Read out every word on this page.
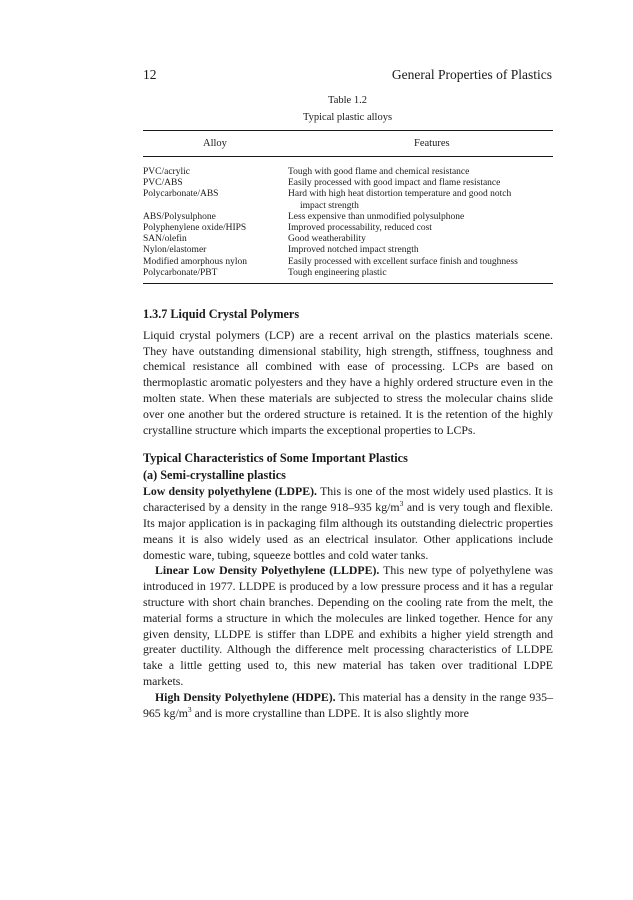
12	General Properties of Plastics
Table 1.2
Typical plastic alloys
Alloy	Features
PVC/acrylic	Tough with good flame and chemical resistance
PVC/ABS	Easily processed with good impact and flame resistance
Polycarbonate/ABS	Hard with high heat distortion temperature and good notch
impact strength
ABS/Polysulphone	Less expensive than unmodified polysulphone
Polyphenylene oxide/HIPS	Improved processability, reduced cost
SAN/olefin	Good weatherability
Nylon/elastomer	Improved notched impact strength
Modified amorphous nylon	Easily processed with excellent surface finish and toughness
Polycarbonate/PBT	Tough engineering plastic
1.3.7 Liquid Crystal Polymers

Liquid crystal polymers (LCP) are a recent arrival on the plastics materials scene. They have outstanding dimensional stability, high strength, stiffness, toughness and chemical resistance all combined with ease of processing. LCPs are based on thermoplastic aromatic polyesters and they have a highly ordered structure even in the molten state. When these materials are subjected to stress the molecular chains slide over one another but the ordered structure is retained. It is the retention of the highly crystalline structure which imparts the exceptional properties to LCPs.

Typical Characteristics of Some Important Plastics
(a) Semi-crystalline plastics

Low density polyethylene (LDPE). This is one of the most widely used plastics. It is characterised by a density in the range 918–935 $kg/m^3$ and is very tough and flexible. Its major application is in packaging film although its outstanding dielectric properties means it is also widely used as an electrical insulator. Other applications include domestic ware, tubing, squeeze bottles and cold water tanks.

Linear Low Density Polyethylene (LLDPE). This new type of polyethylene was introduced in 1977. LLDPE is produced by a low pressure process and it has a regular structure with short chain branches. Depending on the cooling rate from the melt, the material forms a structure in which the molecules are linked together. Hence for any given density, LLDPE is stiffer than LDPE and exhibits a higher yield strength and greater ductility. Although the difference melt processing characteristics of LLDPE take a little getting used to, this new material has taken over traditional LDPE markets.

High Density Polyethylene (HDPE). This material has a density in the range 935–965 $kg/m^3$ and is more crystalline than LDPE. It is also slightly more
